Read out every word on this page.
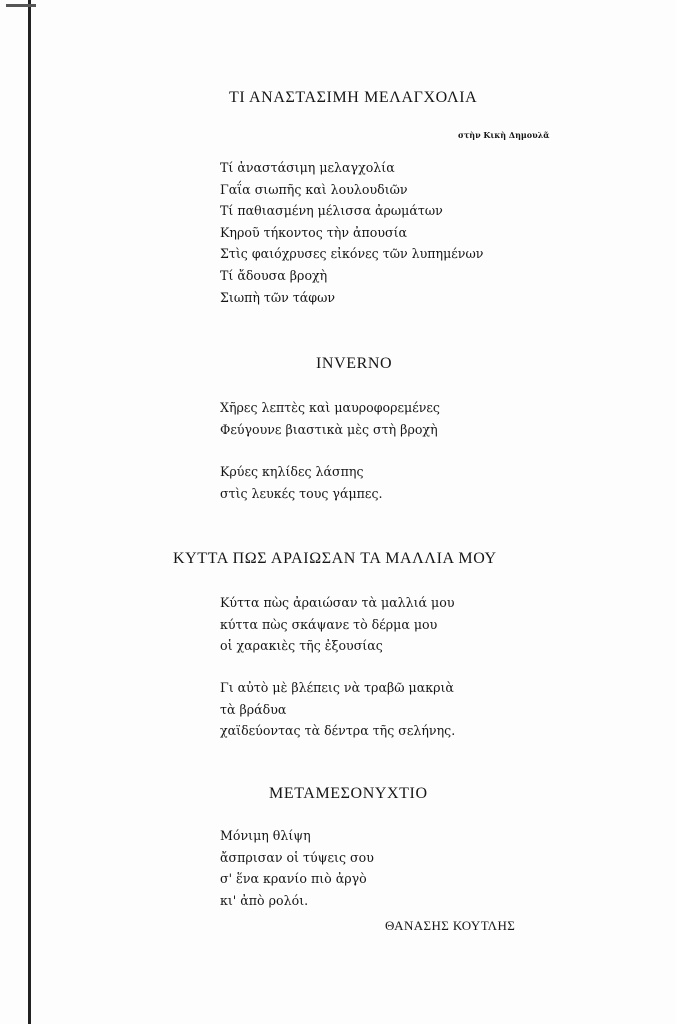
ΤΙ ΑΝΑΣΤΑΣΙΜΗ ΜΕΛΑΓΧΟΛΙΑ
στὴν Κικὴ Δημουλᾶ
Τί ἀναστάσιμη μελαγχολία
Γαΐα σιωπῆς καὶ λουλουδιῶν
Τί παθιασμένη μέλισσα ἀρωμάτων
Κηροῦ τήκοντος τὴν ἀπουσία
Στὶς φαιόχρυσες εἰκόνες τῶν λυπημένων
Τί ἄδουσα βροχὴ
Σιωπὴ τῶν τάφων
INVERNO
Χῆρες λεπτὲς καὶ μαυροφορεμένες
Φεύγουνε βιαστικὰ μὲς στὴ βροχὴ
Κρύες κηλίδες λάσπης
στὶς λευκές τους γάμπες.
ΚΥΤΤΑ ΠΩΣ ΑΡΑΙΩΣΑΝ ΤΑ ΜΑΛΛΙΑ ΜΟΥ
Κύττα πὼς ἀραιώσαν τὰ μαλλιά μου
κύττα πὼς σκάψανε τὸ δέρμα μου
οἱ χαρακιὲς τῆς ἐξουσίας
Γι αὐτὸ μὲ βλέπεις νὰ τραβῶ μακριὰ
τὰ βράδυα
χαϊδεύοντας τὰ δέντρα τῆς σελήνης.
ΜΕΤΑΜΕΣΟΝΥΧΤΙΟ
Μόνιμη θλίψη
ἄσπρισαν οἱ τύψεις σου
σ' ἕνα κρανίο πιὸ ἀργὸ
κι' ἀπὸ ρολόι.
ΘΑΝΑΣΗΣ ΚΟΥΤΛΗΣ
